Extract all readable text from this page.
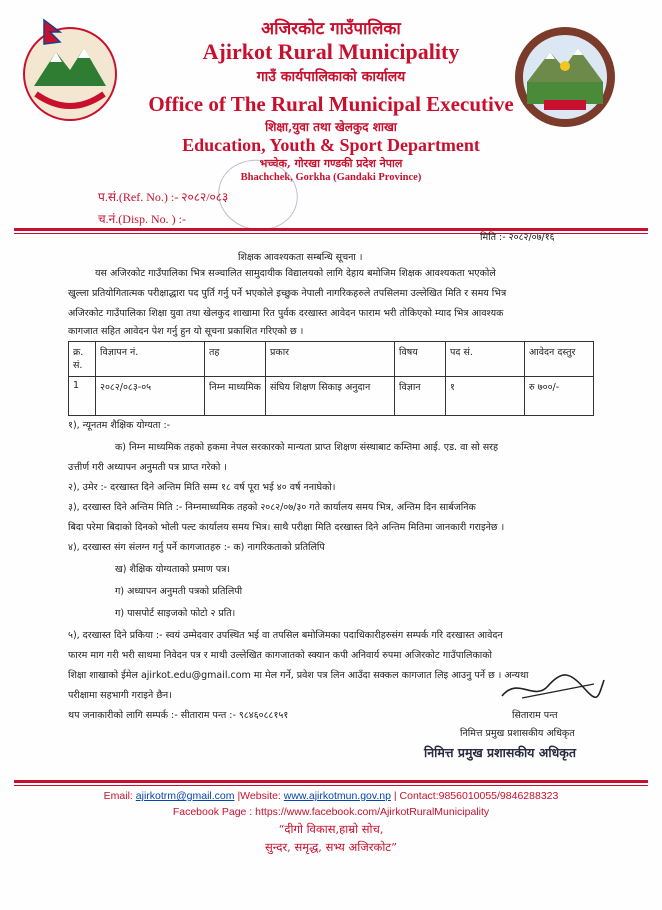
अजिरकोट गाउँपालिका
Ajirkot Rural Municipality
गाउँ कार्यपालिकाको कार्यालय
Office of The Rural Municipal Executive
शिक्षा,युवा तथा खेलकुद शाखा
Education, Youth & Sport Department
भच्चेक, गोरखा गण्डकी प्रदेश नेपाल
Bhachchek, Gorkha (Gandaki Province)
प.सं.(Ref. No.) :- २०८२/०८३
च.नं.(Disp. No. ) :-
मिति :- २०८२/०७/१६
शिक्षक आवश्यकता सम्बन्धि सूचना ।
यस अजिरकोट गाउँपालिका भित्र सञ्चालित सामुदायीक विद्यालयको लागि देहाय बमोजिम शिक्षक आवश्यकता भएकोले
खुल्ला प्रतियोगितात्मक परीक्षाद्धारा पद पुर्ति गर्नु पर्ने भएकोले इच्छुक नेपाली नागरिकहरुले तपसिलमा उल्लेखित मिति र समय भित्र
अजिरकोट गाउँपालिका शिक्षा युवा तथा खेलकुद शाखामा रित पुर्वक दरखास्त आवेदन फाराम भरी तोकिएको म्याद भित्र आवश्यक
कागजात सहित आवेदन पेश गर्नु हुन यो सूचना प्रकाशित गरिएको छ ।
क्र. सं.	विज्ञापन नं.	तह	प्रकार	विषय	पद सं.	आवेदन दस्तुर
1	२०८२/०८३-०५	निम्न माध्यमिक	संघिय शिक्षण सिकाइ अनुदान	विज्ञान	१	रु ७००/-
१), न्यूनतम शैक्षिक योग्यता :-
क) निम्न माध्यमिक तहको हकमा नेपल सरकारको मान्यता प्राप्त शिक्षण संस्थाबाट कम्तिमा आई. एड. वा सो सरह
उत्तीर्ण गरी अध्यापन अनुमती पत्र प्राप्त गरेको ।
२), उमेर :- दरखास्त दिने अन्तिम मिति सम्म १८ वर्ष पूरा भई ४० वर्ष ननाघेको।
३), दरखास्त दिने अन्तिम मिति :- निम्नमाध्यमिक तहको २०८२/०७/३० गते कार्यालय समय भित्र, अन्तिम दिन सार्बजनिक
बिदा परेमा बिदाको दिनको भोली पल्ट कार्यालय समय भित्र। साथै परीक्षा मिति दरखास्त दिने अन्तिम मितिमा जानकारी गराइनेछ ।
४), दरखास्त संग संलग्न गर्नु पर्ने कागजातहरु :- क) नागरिकताको प्रतिलिपि
ख) शैक्षिक योग्यताको प्रमाण पत्र।
ग) अध्यापन अनुमती पत्रको प्रतिलिपी
ग) पासपोर्ट साइजको फोटो २ प्रति।
५), दरखास्त दिने प्रकिया :- स्वयं उम्मेदवार उपस्थित भई वा तपसिल बमोजिमका पदाधिकारीहरुसंग सम्पर्क गरि दरखास्त आवेदन
फारम माग गरी भरी साथमा निवेदन पत्र र माथी उल्लेखित कागजातको स्क्यान कपी अनिवार्य रुपमा अजिरकोट गाउँपालिकाको
शिक्षा शाखाको ईमेल ajirkot.edu@gmail.com मा मेल गर्ने, प्रवेश पत्र लिन आउँदा सक्कल कागजात लिइ आउनु पर्ने छ । अन्यथा
परीक्षामा सहभागी गराइने छैन।
थप जनाकारीको लागि सम्पर्क :- सीताराम पन्त :- ९८४६०८८१५१	सिताराम पन्त
निमित्त प्रमुख प्रशासकीय अधिकृत
निमित्त प्रमुख प्रशासकीय अधिकृत
Email: ajirkotrm@gmail.com |Website: www.ajirkotmun.gov.np | Contact:9856010055/9846288323
Facebook Page : https://www.facebook.com/AjirkotRuralMunicipality
“दीगो विकास,हाम्रो सोच,
सुन्दर, समृद्ध, सभ्य अजिरकोट”
